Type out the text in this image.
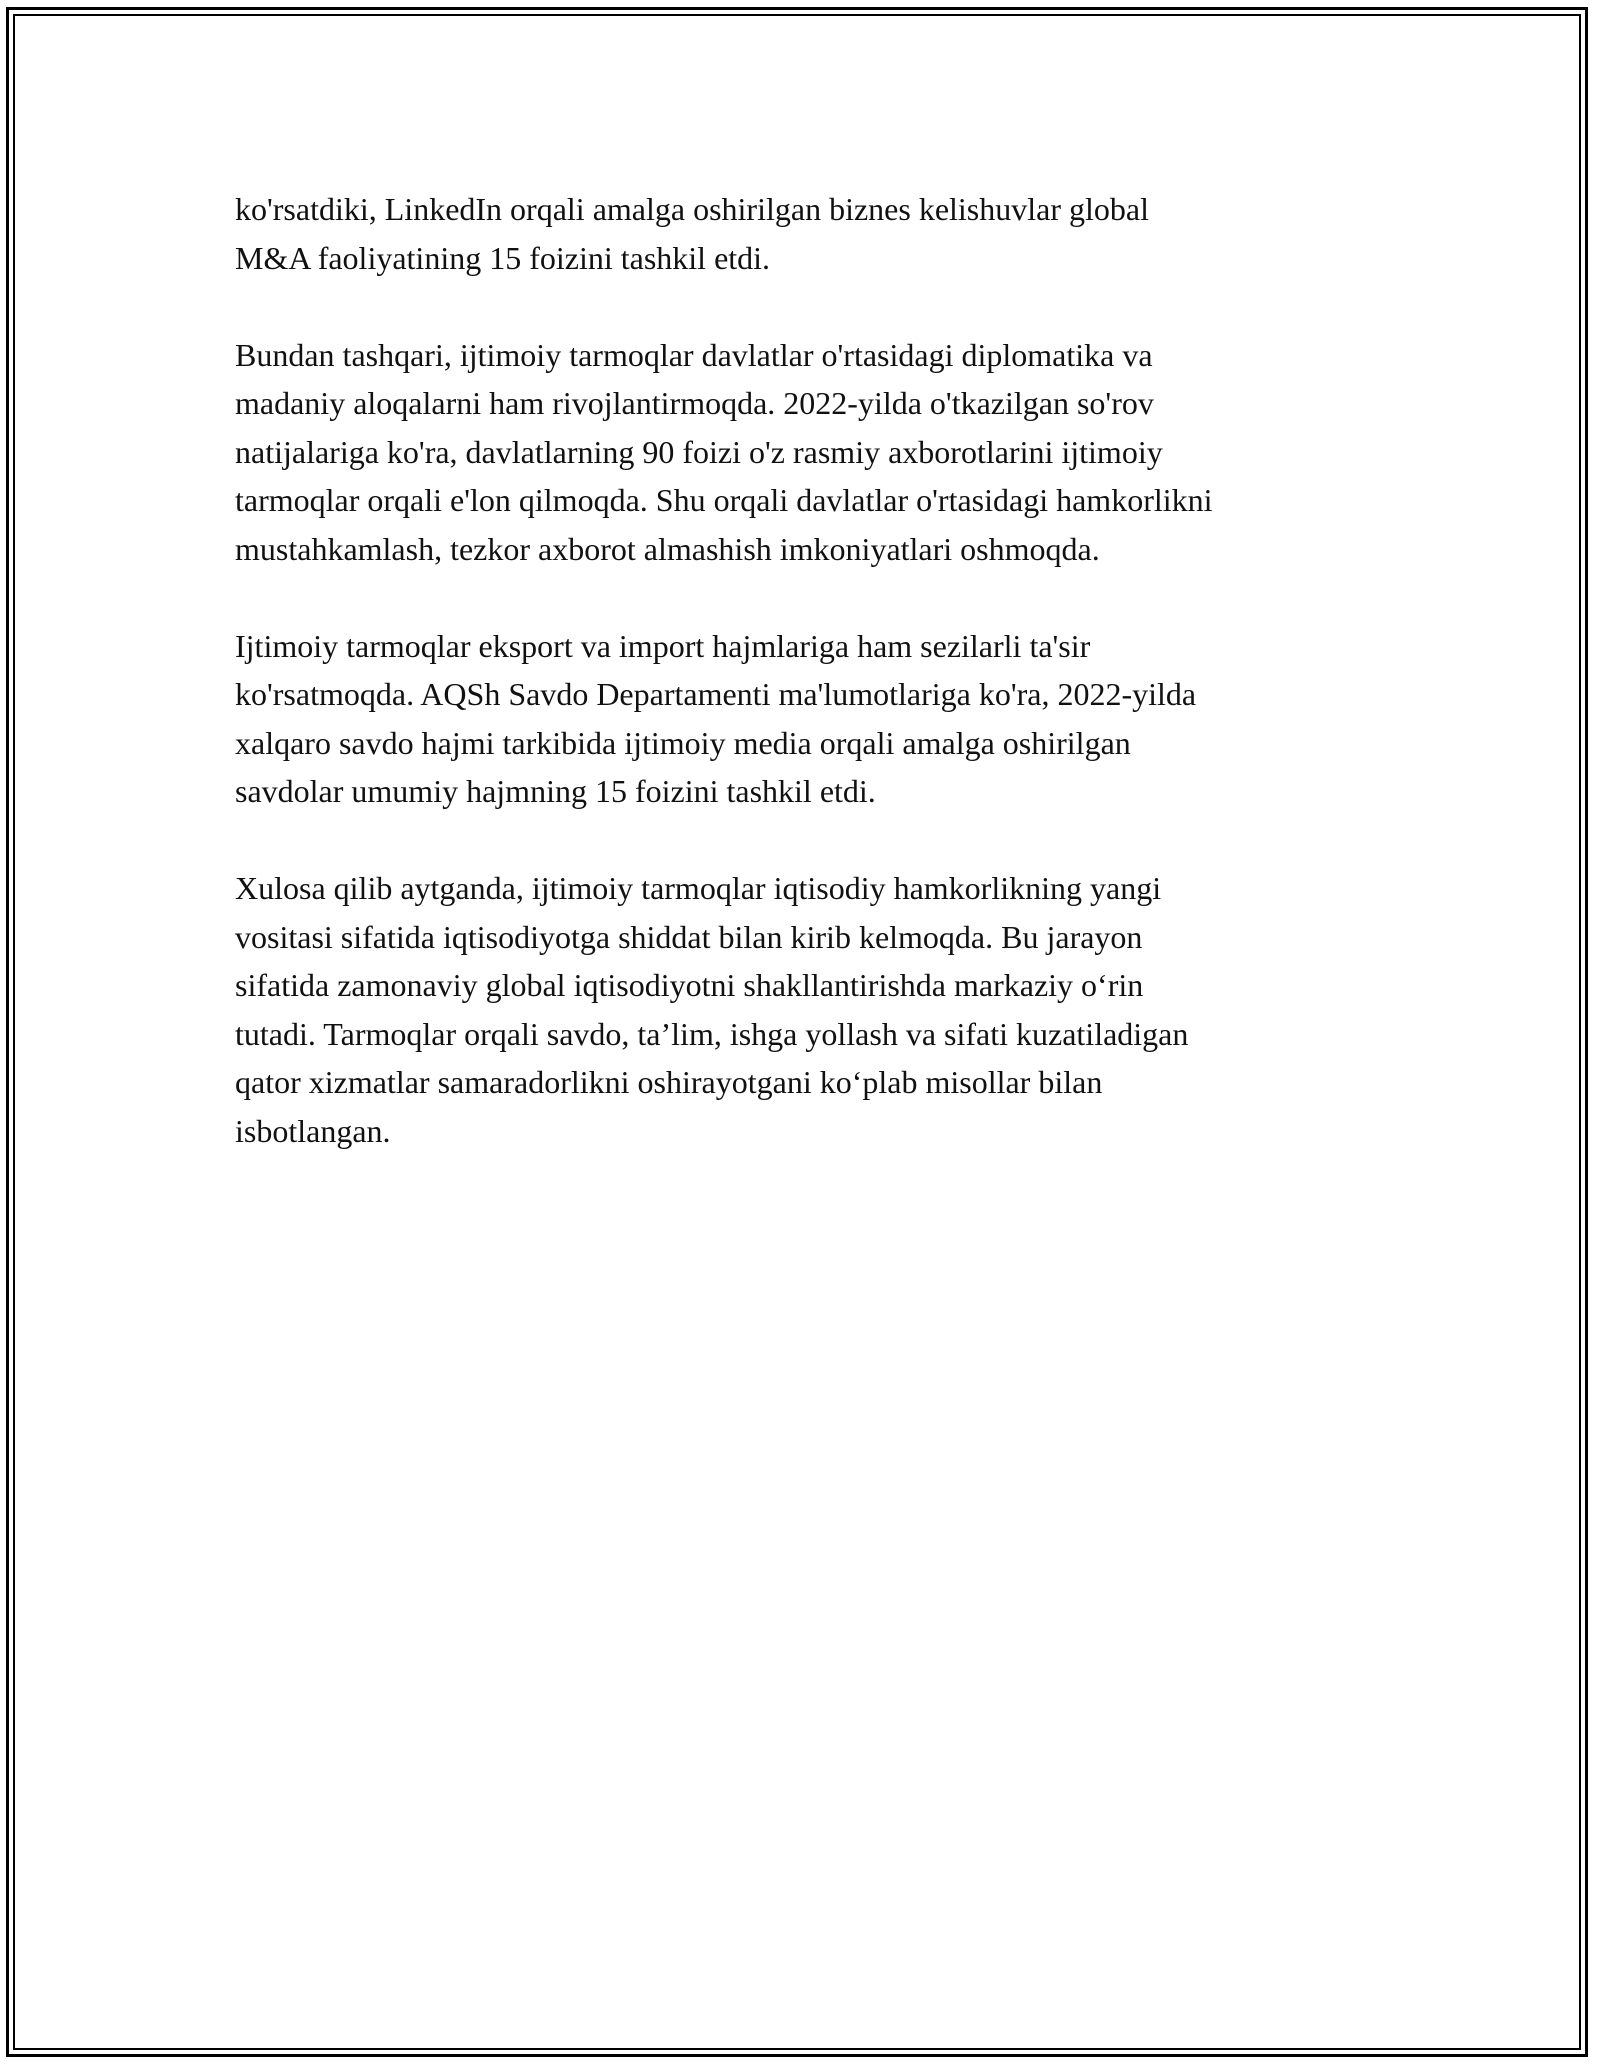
ko'rsatdiki, LinkedIn orqali amalga oshirilgan biznes kelishuvlar global
M&A faoliyatining 15 foizini tashkil etdi.

Bundan tashqari, ijtimoiy tarmoqlar davlatlar o'rtasidagi diplomatika va
madaniy aloqalarni ham rivojlantirmoqda. 2022-yilda o'tkazilgan so'rov
natijalariga ko'ra, davlatlarning 90 foizi o'z rasmiy axborotlarini ijtimoiy
tarmoqlar orqali e'lon qilmoqda. Shu orqali davlatlar o'rtasidagi hamkorlikni
mustahkamlash, tezkor axborot almashish imkoniyatlari oshmoqda.

Ijtimoiy tarmoqlar eksport va import hajmlariga ham sezilarli ta'sir
ko'rsatmoqda. AQSh Savdo Departamenti ma'lumotlariga ko'ra, 2022-yilda
xalqaro savdo hajmi tarkibida ijtimoiy media orqali amalga oshirilgan
savdolar umumiy hajmning 15 foizini tashkil etdi.

Xulosa qilib aytganda, ijtimoiy tarmoqlar iqtisodiy hamkorlikning yangi
vositasi sifatida iqtisodiyotga shiddat bilan kirib kelmoqda. Bu jarayon
sifatida zamonaviy global iqtisodiyotni shakllantirishda markaziy o‘rin
tutadi. Tarmoqlar orqali savdo, ta’lim, ishga yollash va sifati kuzatiladigan
qator xizmatlar samaradorlikni oshirayotgani ko‘plab misollar bilan
isbotlangan.
